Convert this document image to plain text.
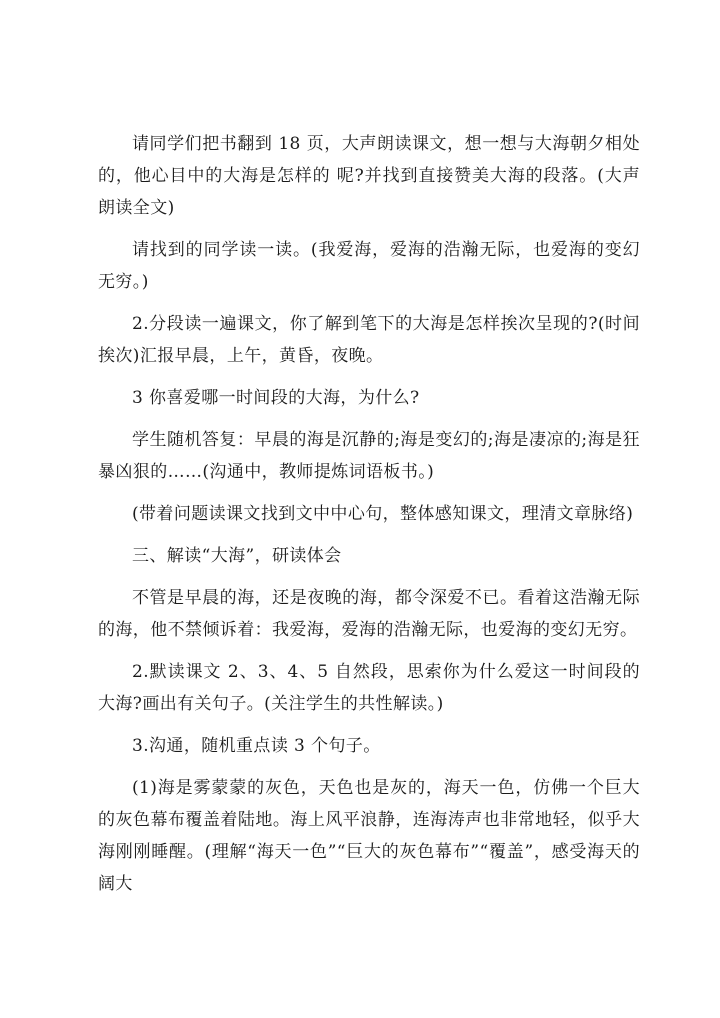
请同学们把书翻到 18 页，大声朗读课文，想一想与大海朝夕相处的，他心目中的大海是怎样的 呢?并找到直接赞美大海的段落。(大声朗读全文)

请找到的同学读一读。(我爱海，爱海的浩瀚无际，也爱海的变幻无穷。)

2.分段读一遍课文，你了解到笔下的大海是怎样挨次呈现的?(时间挨次)汇报早晨，上午，黄昏，夜晚。

3 你喜爱哪一时间段的大海，为什么?

学生随机答复：早晨的海是沉静的;海是变幻的;海是凄凉的;海是狂暴凶狠的……(沟通中，教师提炼词语板书。)

(带着问题读课文找到文中中心句，整体感知课文，理清文章脉络)

三、解读“大海”，研读体会

不管是早晨的海，还是夜晚的海，都令深爱不已。看着这浩瀚无际的海，他不禁倾诉着：我爱海，爱海的浩瀚无际，也爱海的变幻无穷。

2.默读课文 2、3、4、5 自然段，思索你为什么爱这一时间段的大海?画出有关句子。(关注学生的共性解读。)

3.沟通，随机重点读 3 个句子。

(1)海是雾蒙蒙的灰色，天色也是灰的，海天一色，仿佛一个巨大的灰色幕布覆盖着陆地。海上风平浪静，连海涛声也非常地轻，似乎大海刚刚睡醒。(理解“海天一色”“巨大的灰色幕布”“覆盖”，感受海天的阔大
